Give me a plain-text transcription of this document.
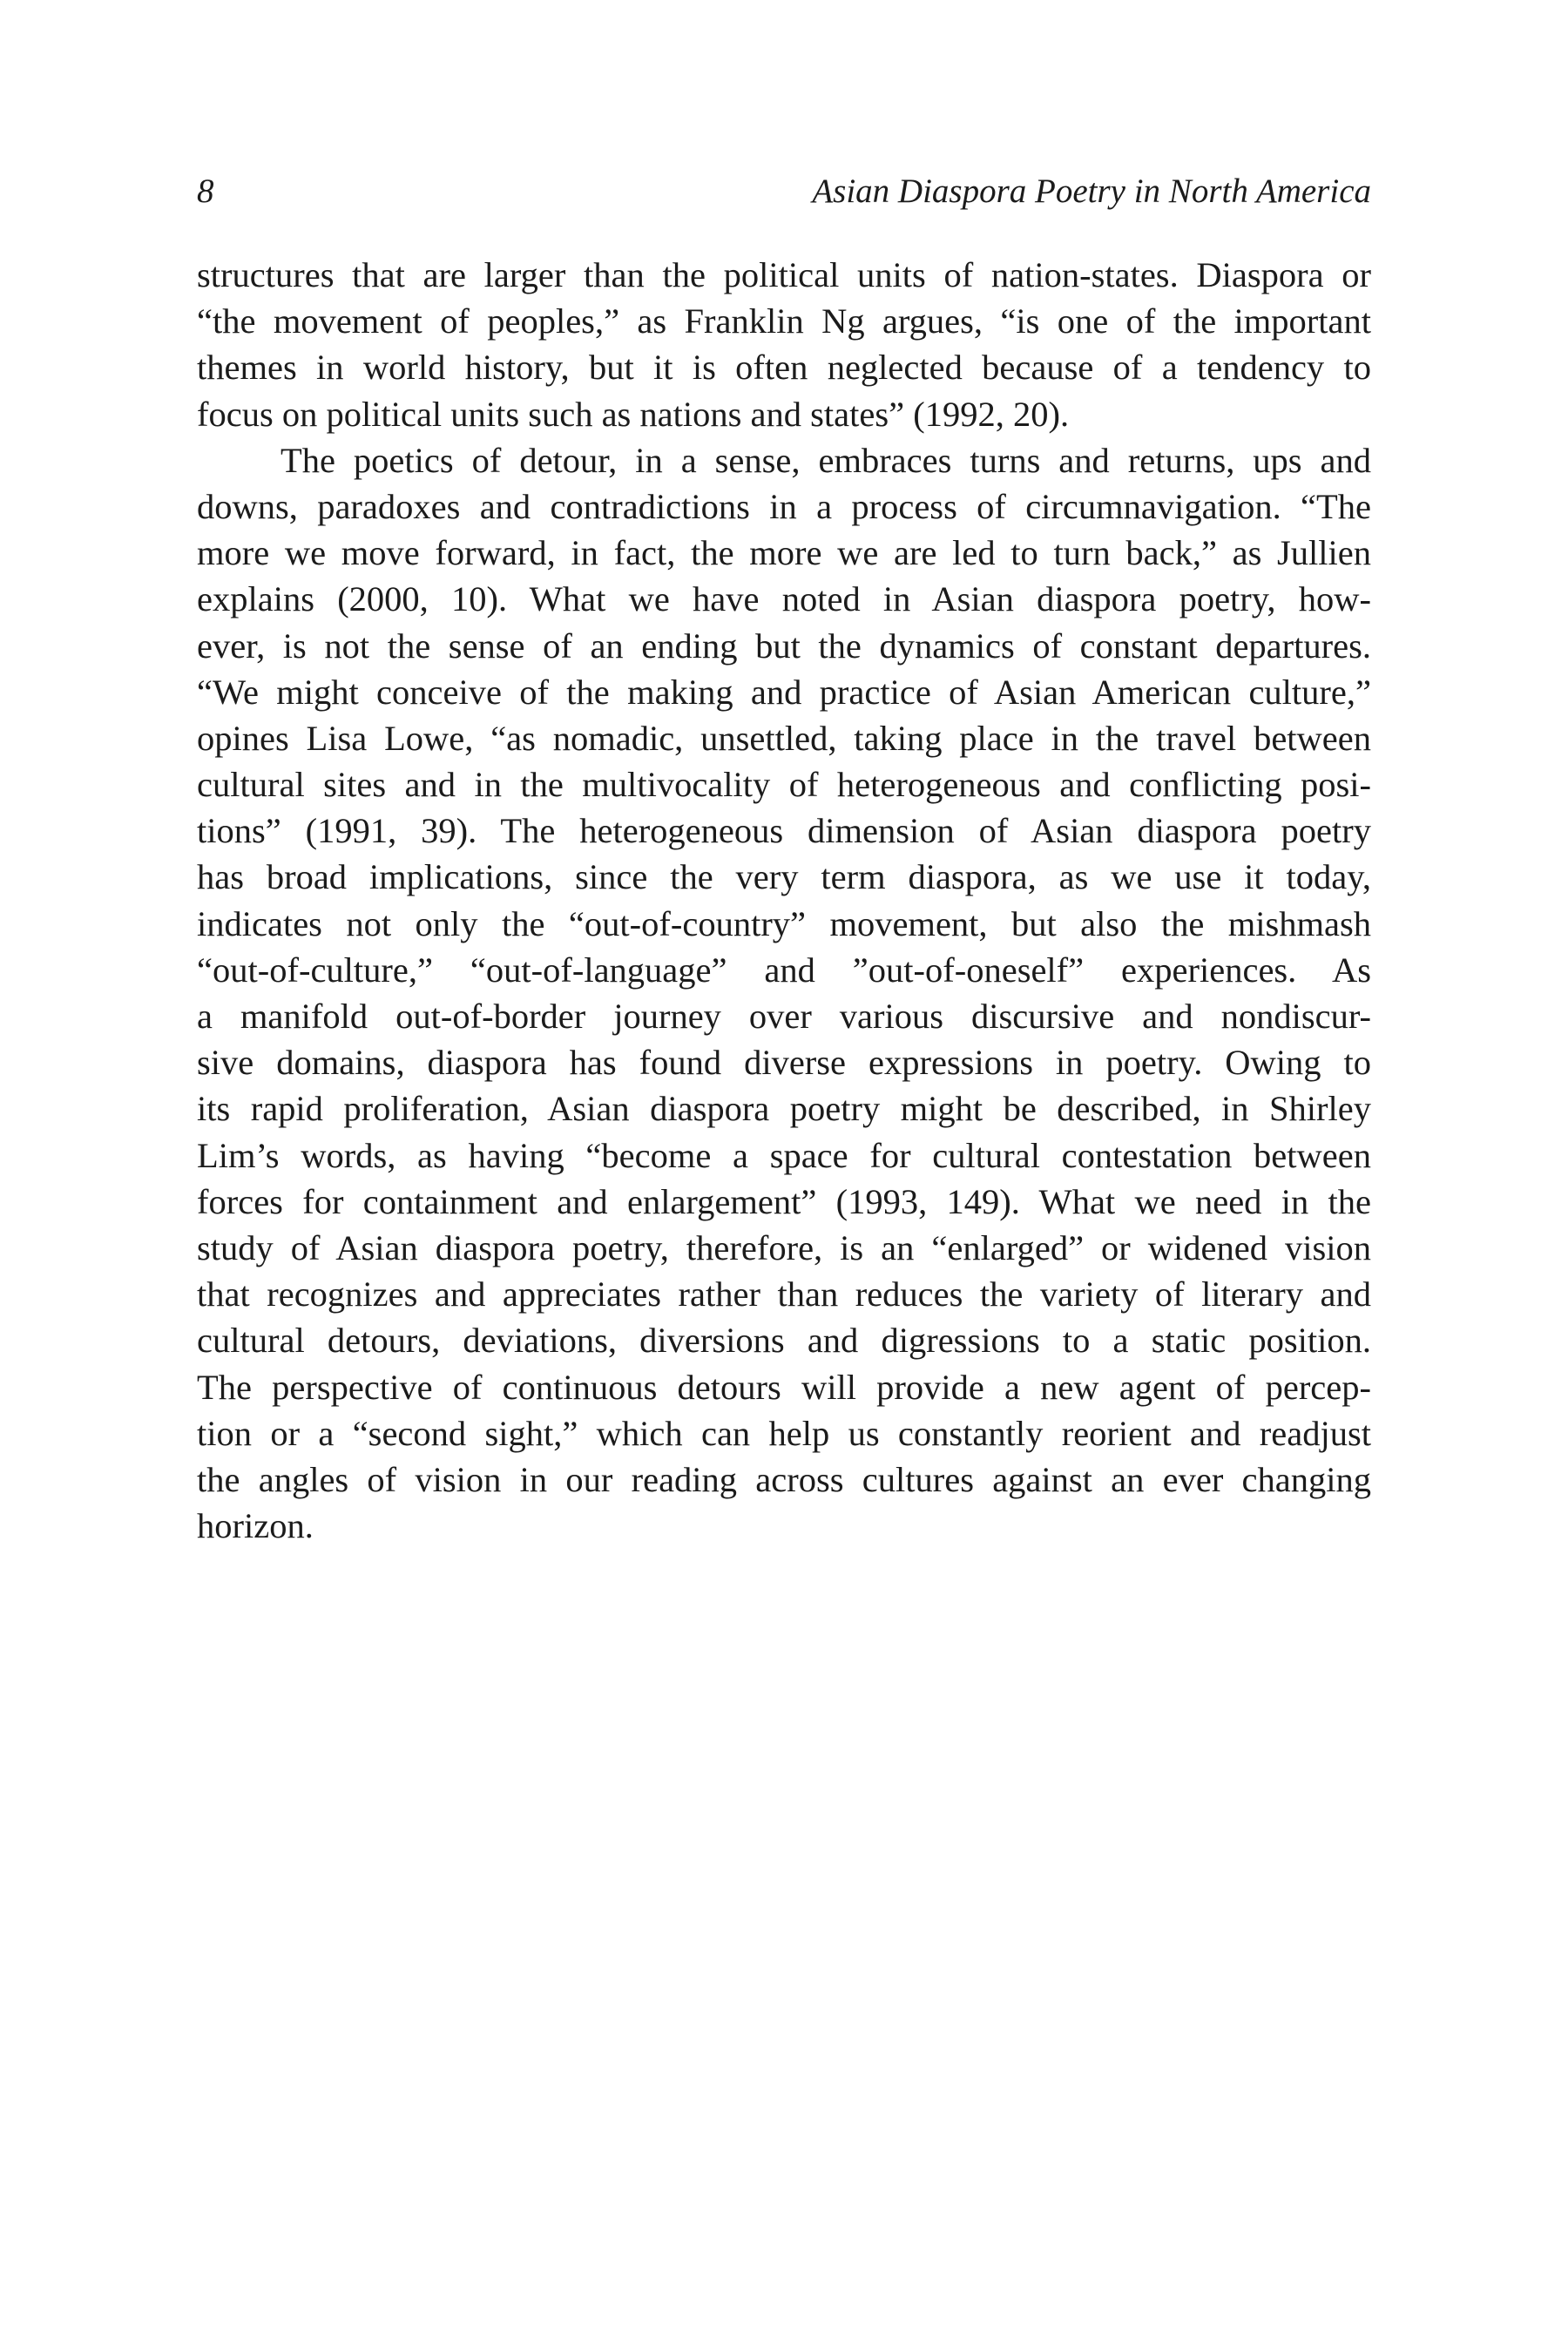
8	Asian Diaspora Poetry in North America
structures that are larger than the political units of nation-states. Diaspora or
“the movement of peoples,” as Franklin Ng argues, “is one of the important
themes in world history, but it is often neglected because of a tendency to
focus on political units such as nations and states” (1992, 20).
The poetics of detour, in a sense, embraces turns and returns, ups and
downs, paradoxes and contradictions in a process of circumnavigation. “The
more we move forward, in fact, the more we are led to turn back,” as Jullien
explains (2000, 10). What we have noted in Asian diaspora poetry, how-
ever, is not the sense of an ending but the dynamics of constant departures.
“We might conceive of the making and practice of Asian American culture,”
opines Lisa Lowe, “as nomadic, unsettled, taking place in the travel between
cultural sites and in the multivocality of heterogeneous and conflicting posi-
tions” (1991, 39). The heterogeneous dimension of Asian diaspora poetry
has broad implications, since the very term diaspora, as we use it today,
indicates not only the “out-of-country” movement, but also the mishmash
“out-of-culture,” “out-of-language” and ”out-of-oneself” experiences. As
a manifold out-of-border journey over various discursive and nondiscur-
sive domains, diaspora has found diverse expressions in poetry. Owing to
its rapid proliferation, Asian diaspora poetry might be described, in Shirley
Lim’s words, as having “become a space for cultural contestation between
forces for containment and enlargement” (1993, 149). What we need in the
study of Asian diaspora poetry, therefore, is an “enlarged” or widened vision
that recognizes and appreciates rather than reduces the variety of literary and
cultural detours, deviations, diversions and digressions to a static position.
The perspective of continuous detours will provide a new agent of percep-
tion or a “second sight,” which can help us constantly reorient and readjust
the angles of vision in our reading across cultures against an ever changing
horizon.
